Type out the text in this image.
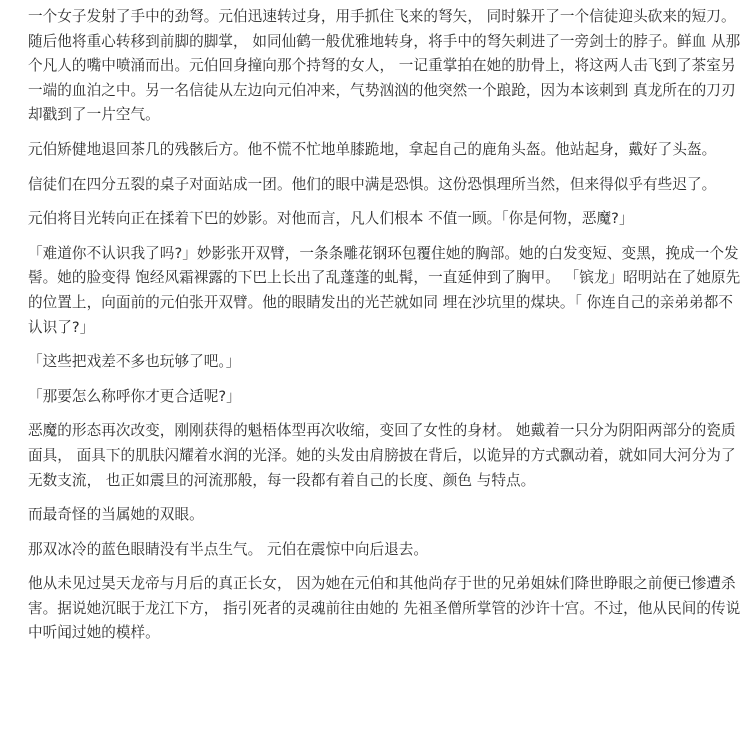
一个女子发射了手中的劲弩。元伯迅速转过身，用手抓住飞来的弩矢， 同时躲开了一个信徒迎头砍来的短刀。随后他将重心转移到前脚的脚掌， 如同仙鹤一般优雅地转身，将手中的弩矢刺进了一旁剑士的脖子。鲜血 从那个凡人的嘴中喷涌而出。元伯回身撞向那个持弩的女人， 一记重掌拍在她的肋骨上，将这两人击飞到了茶室另一端的血泊之中。另一名信徒从左边向元伯冲来，气势汹汹的他突然一个踉跄，因为本该刺到 真龙所在的刀刃却戳到了一片空气。

元伯矫健地退回茶几的残骸后方。他不慌不忙地单膝跪地，拿起自己的鹿角头盔。他站起身，戴好了头盔。

信徒们在四分五裂的桌子对面站成一团。他们的眼中满是恐惧。这份恐惧理所当然，但来得似乎有些迟了。

元伯将目光转向正在揉着下巴的妙影。对他而言，凡人们根本 不值一顾。「你是何物，恶魔?」

「难道你不认识我了吗?」妙影张开双臂，一条条雕花钢环包覆住她的胸部。她的白发变短、变黑，挽成一个发髻。她的脸变得 饱经风霜裸露的下巴上长出了乱蓬蓬的虬髯，一直延伸到了胸甲。 「镔龙」昭明站在了她原先的位置上，向面前的元伯张开双臂。他的眼睛发出的光芒就如同 埋在沙坑里的煤块。「 你连自己的亲弟弟都不认识了?」

「这些把戏差不多也玩够了吧。」

「那要怎么称呼你才更合适呢?」

恶魔的形态再次改变，刚刚获得的魁梧体型再次收缩，变回了女性的身材。 她戴着一只分为阴阳两部分的瓷质面具， 面具下的肌肤闪耀着水润的光泽。她的头发由肩膀披在背后，以诡异的方式飘动着，就如同大河分为了无数支流， 也正如震旦的河流那般，每一段都有着自己的长度、颜色 与特点。

而最奇怪的当属她的双眼。

那双冰冷的蓝色眼睛没有半点生气。 元伯在震惊中向后退去。

他从未见过昊天龙帝与月后的真正长女， 因为她在元伯和其他尚存于世的兄弟姐妹们降世睁眼之前便已惨遭杀害。据说她沉眠于龙江下方， 指引死者的灵魂前往由她的 先祖圣僧所掌管的沙许十宫。不过，他从民间的传说中听闻过她的模样。
